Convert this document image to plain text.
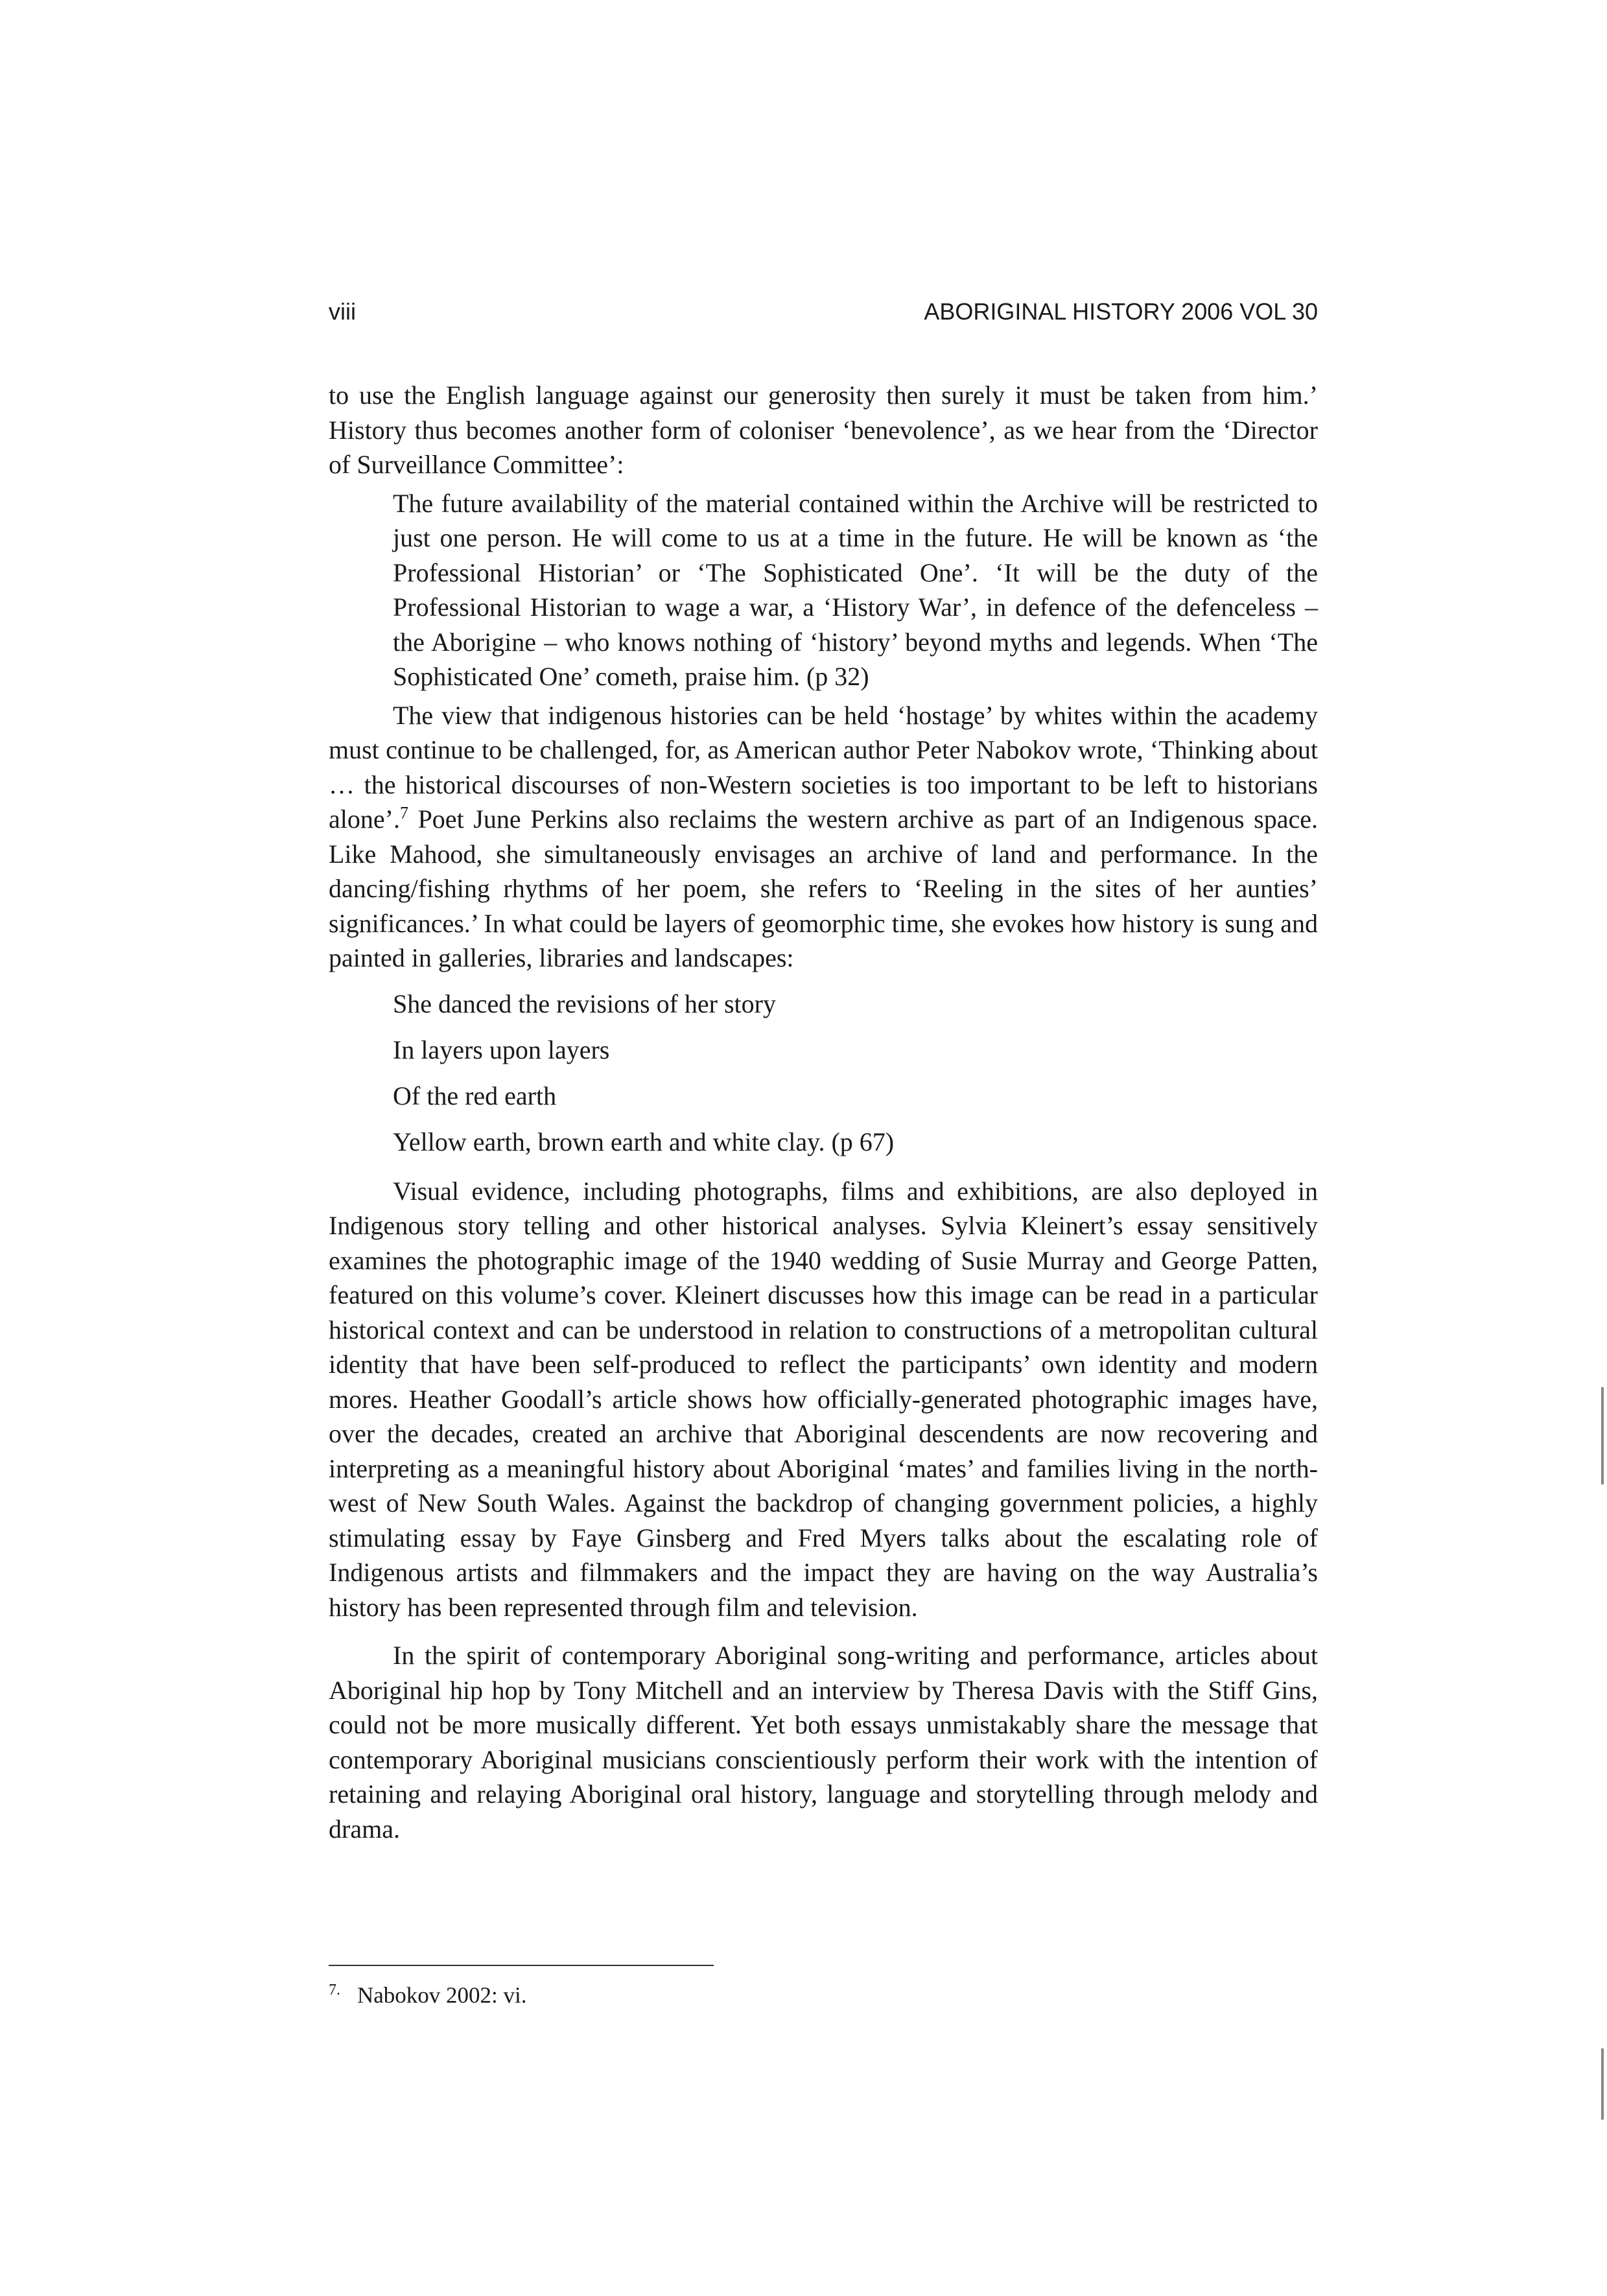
viii	ABORIGINAL HISTORY 2006 VOL 30

to use the English language against our generosity then surely it must be taken from him.’ History thus becomes another form of coloniser ‘benevolence’, as we hear from the ‘Director of Surveillance Committee’:

The future availability of the material contained within the Archive will be restricted to just one person. He will come to us at a time in the future. He will be known as ‘the Professional Historian’ or ‘The Sophisticated One’. ‘It will be the duty of the Professional Historian to wage a war, a ‘History War’, in defence of the defenceless – the Aborigine – who knows nothing of ‘history’ beyond myths and legends. When ‘The Sophisticated One’ cometh, praise him. (p 32)

The view that indigenous histories can be held ‘hostage’ by whites within the academy must continue to be challenged, for, as American author Peter Nabokov wrote, ‘Thinking about … the historical discourses of non-Western societies is too important to be left to historians alone’.$^7$ Poet June Perkins also reclaims the western archive as part of an Indigenous space. Like Mahood, she simultaneously envisages an archive of land and performance. In the dancing/fishing rhythms of her poem, she refers to ‘Reeling in the sites of her aunties’ significances.’ In what could be layers of geomorphic time, she evokes how history is sung and painted in galleries, libraries and landscapes:

She danced the revisions of her story
In layers upon layers
Of the red earth
Yellow earth, brown earth and white clay. (p 67)

Visual evidence, including photographs, films and exhibitions, are also deployed in Indigenous story telling and other historical analyses. Sylvia Kleinert’s essay sensitively examines the photographic image of the 1940 wedding of Susie Murray and George Patten, featured on this volume’s cover. Kleinert discusses how this image can be read in a particular historical context and can be understood in relation to constructions of a metropolitan cultural identity that have been self-produced to reflect the participants’ own identity and modern mores. Heather Goodall’s article shows how officially-generated photographic images have, over the decades, created an archive that Aboriginal descendents are now recovering and interpreting as a meaningful history about Aboriginal ‘mates’ and families living in the north-west of New South Wales. Against the backdrop of changing government policies, a highly stimulating essay by Faye Ginsberg and Fred Myers talks about the escalating role of Indigenous artists and filmmakers and the impact they are having on the way Australia’s history has been represented through film and television.

In the spirit of contemporary Aboriginal song-writing and performance, articles about Aboriginal hip hop by Tony Mitchell and an interview by Theresa Davis with the Stiff Gins, could not be more musically different. Yet both essays unmistakably share the message that contemporary Aboriginal musicians conscientiously perform their work with the intention of retaining and relaying Aboriginal oral history, language and storytelling through melody and drama.

$^{7.}$ Nabokov 2002: vi.
